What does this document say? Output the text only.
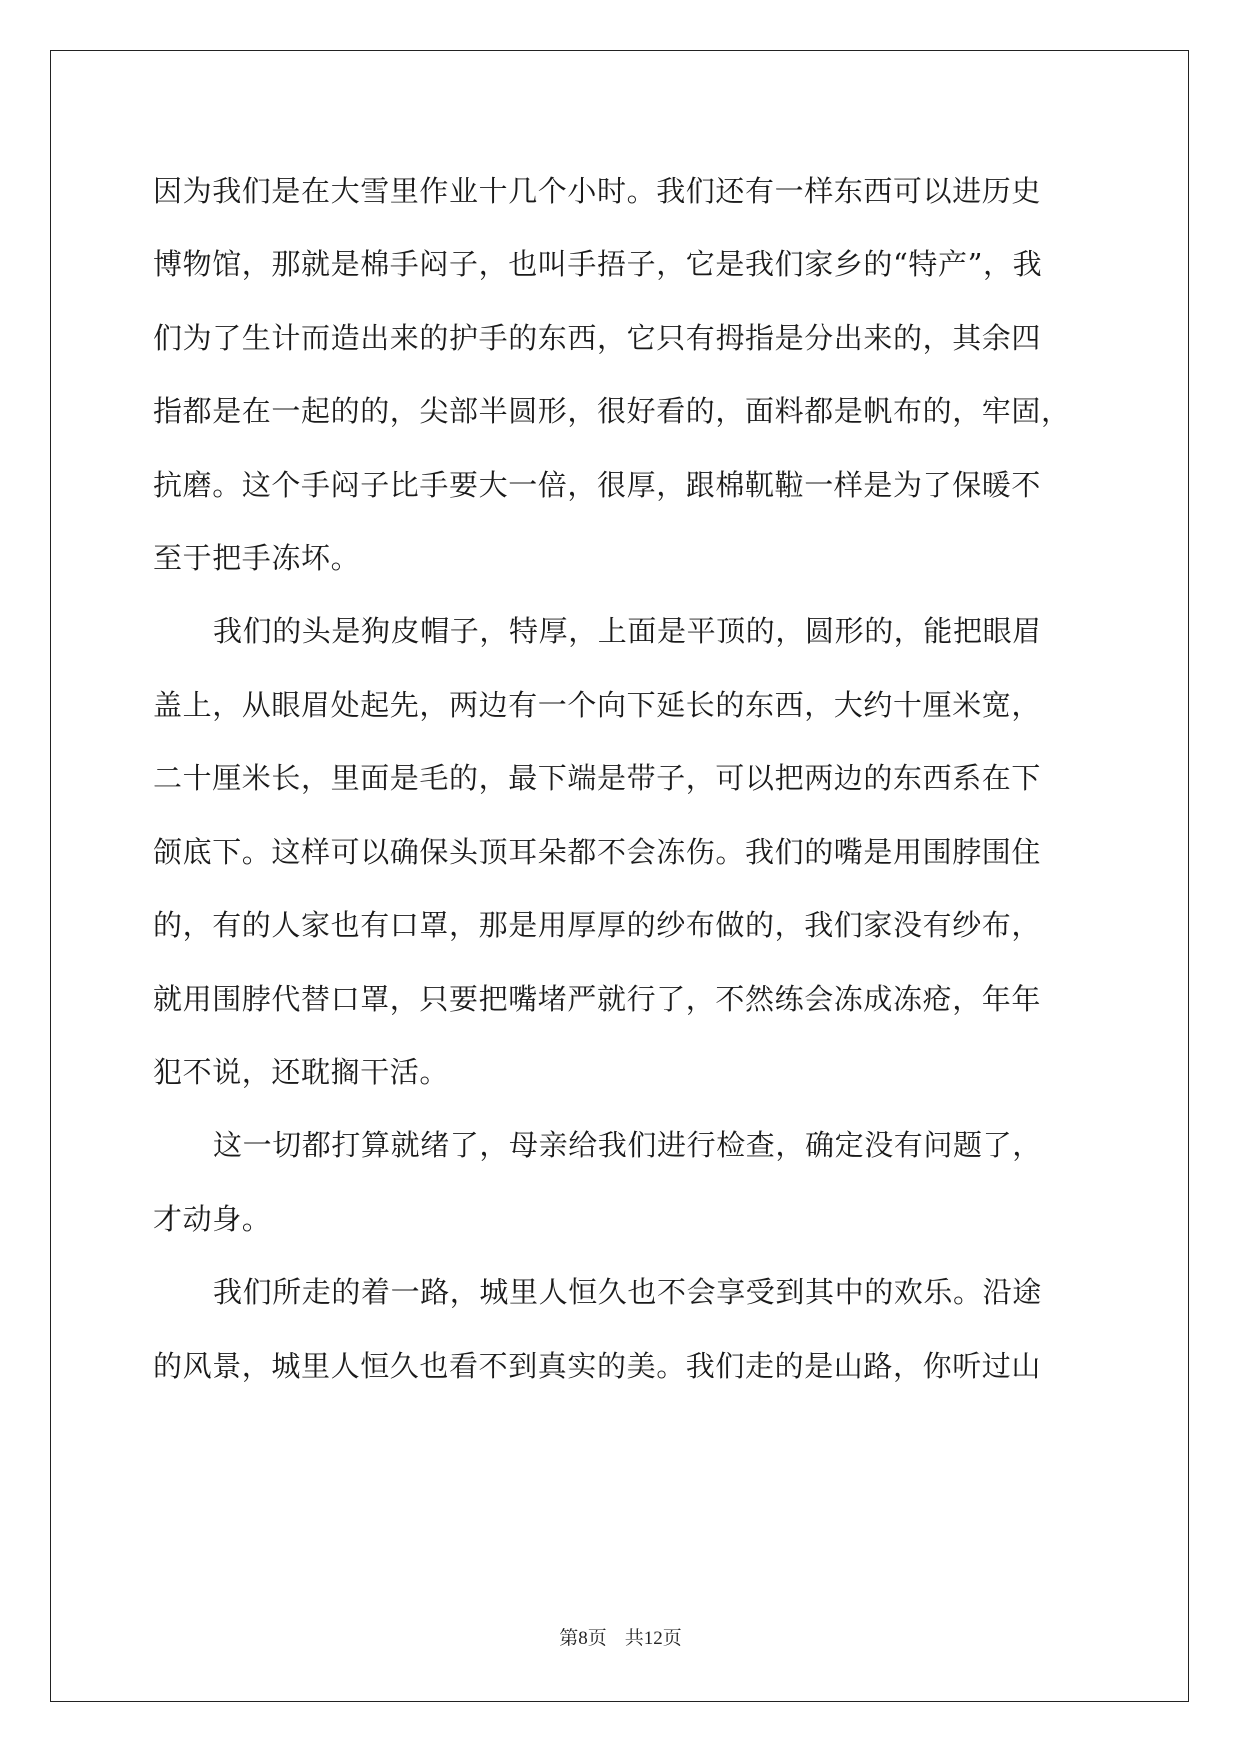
因为我们是在大雪里作业十几个小时。我们还有一样东西可以进历史
博物馆，那就是棉手闷子，也叫手捂子，它是我们家乡的“特产”，我
们为了生计而造出来的护手的东西，它只有拇指是分出来的，其余四
指都是在一起的的，尖部半圆形，很好看的，面料都是帆布的，牢固，
抗磨。这个手闷子比手要大一倍，很厚，跟棉靰鞡一样是为了保暖不
至于把手冻坏。
我们的头是狗皮帽子，特厚，上面是平顶的，圆形的，能把眼眉
盖上，从眼眉处起先，两边有一个向下延长的东西，大约十厘米宽，
二十厘米长，里面是毛的，最下端是带子，可以把两边的东西系在下
颌底下。这样可以确保头顶耳朵都不会冻伤。我们的嘴是用围脖围住
的，有的人家也有口罩，那是用厚厚的纱布做的，我们家没有纱布，
就用围脖代替口罩，只要把嘴堵严就行了，不然练会冻成冻疮，年年
犯不说，还耽搁干活。
这一切都打算就绪了，母亲给我们进行检查，确定没有问题了，
才动身。
我们所走的着一路，城里人恒久也不会享受到其中的欢乐。沿途
的风景，城里人恒久也看不到真实的美。我们走的是山路，你听过山
第8页 共12页
